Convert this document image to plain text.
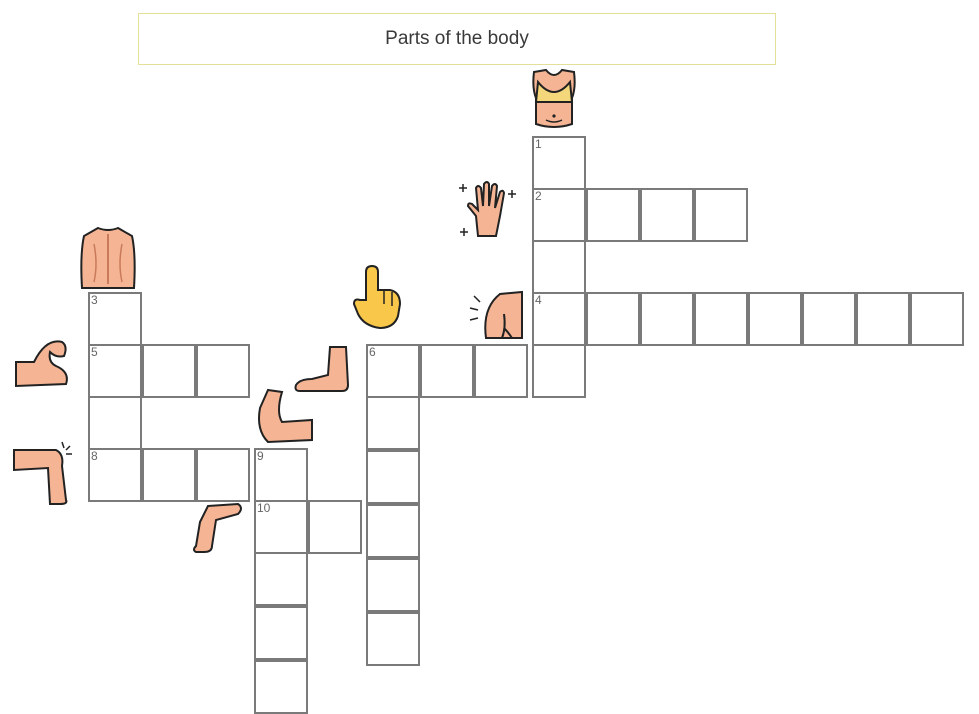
Parts of the body
1
2
4
6
3
5
8	9
10
